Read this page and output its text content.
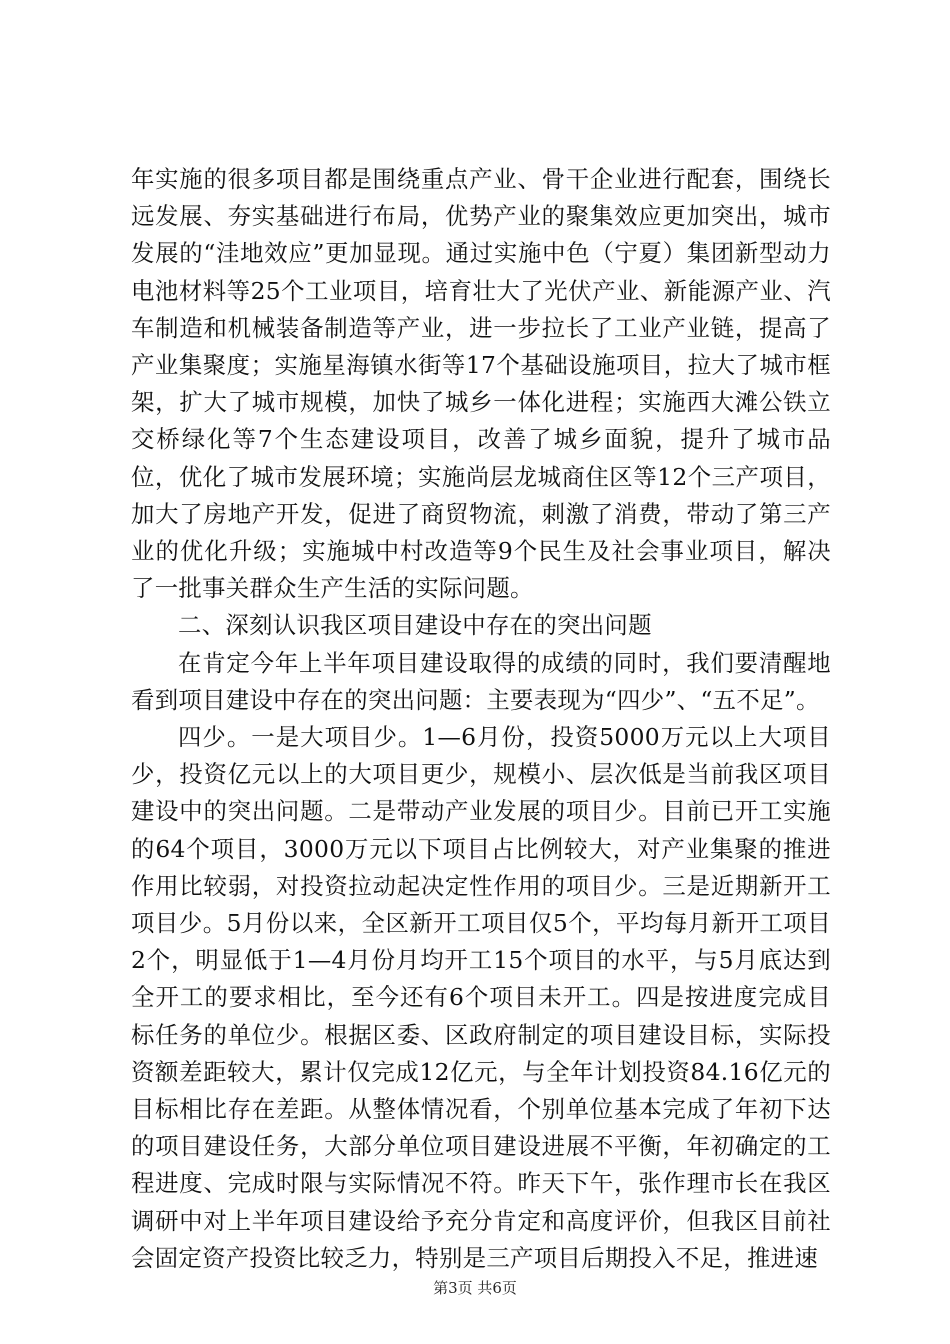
年实施的很多项目都是围绕重点产业、骨干企业进行配套，围绕长远发展、夯实基础进行布局，优势产业的聚集效应更加突出，城市发展的“洼地效应”更加显现。通过实施中色（宁夏）集团新型动力电池材料等25个工业项目，培育壮大了光伏产业、新能源产业、汽车制造和机械装备制造等产业，进一步拉长了工业产业链，提高了产业集聚度；实施星海镇水街等17个基础设施项目，拉大了城市框架，扩大了城市规模，加快了城乡一体化进程；实施西大滩公铁立交桥绿化等7个生态建设项目，改善了城乡面貌，提升了城市品位，优化了城市发展环境；实施尚层龙城商住区等12个三产项目，加大了房地产开发，促进了商贸物流，刺激了消费，带动了第三产业的优化升级；实施城中村改造等9个民生及社会事业项目，解决了一批事关群众生产生活的实际问题。

二、深刻认识我区项目建设中存在的突出问题

在肯定今年上半年项目建设取得的成绩的同时，我们要清醒地看到项目建设中存在的突出问题：主要表现为“四少”、“五不足”。

四少。一是大项目少。1—6月份，投资5000万元以上大项目少，投资亿元以上的大项目更少，规模小、层次低是当前我区项目建设中的突出问题。二是带动产业发展的项目少。目前已开工实施的64个项目，3000万元以下项目占比例较大，对产业集聚的推进作用比较弱，对投资拉动起决定性作用的项目少。三是近期新开工项目少。5月份以来，全区新开工项目仅5个，平均每月新开工项目2个，明显低于1—4月份月均开工15个项目的水平，与5月底达到全开工的要求相比，至今还有6个项目未开工。四是按进度完成目标任务的单位少。根据区委、区政府制定的项目建设目标，实际投资额差距较大，累计仅完成12亿元，与全年计划投资84.16亿元的目标相比存在差距。从整体情况看，个别单位基本完成了年初下达的项目建设任务，大部分单位项目建设进展不平衡，年初确定的工程进度、完成时限与实际情况不符。昨天下午，张作理市长在我区调研中对上半年项目建设给予充分肯定和高度评价，但我区目前社会固定资产投资比较乏力，特别是三产项目后期投入不足，推进速

第3页 共6页
